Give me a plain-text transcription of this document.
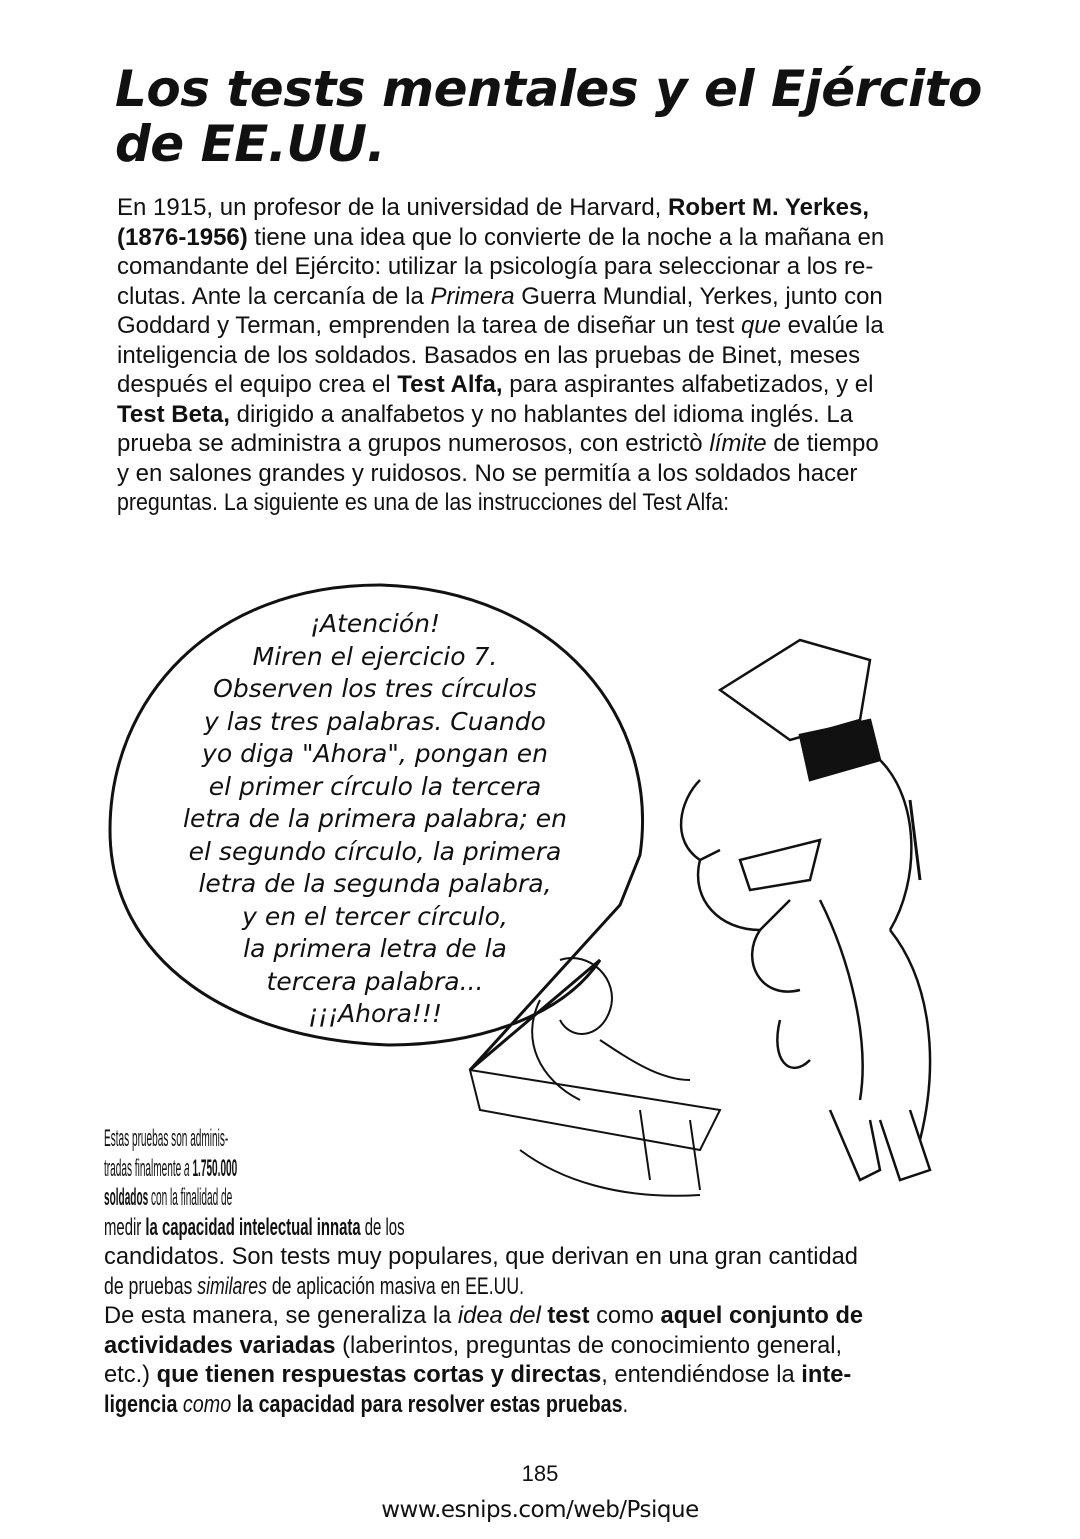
Los tests mentales y el Ejército
de EE.UU.
En 1915, un profesor de la universidad de Harvard, Robert M. Yerkes,
(1876-1956) tiene una idea que lo convierte de la noche a la mañana en
comandante del Ejército: utilizar la psicología para seleccionar a los re-
clutas. Ante la cercanía de la Primera Guerra Mundial, Yerkes, junto con
Goddard y Terman, emprenden la tarea de diseñar un test que evalúe la
inteligencia de los soldados. Basados en las pruebas de Binet, meses
después el equipo crea el Test Alfa, para aspirantes alfabetizados, y el
Test Beta, dirigido a analfabetos y no hablantes del idioma inglés. La
prueba se administra a grupos numerosos, con estrictò límite de tiempo
y en salones grandes y ruidosos. No se permitía a los soldados hacer
preguntas. La siguiente es una de las instrucciones del Test Alfa:
¡Atención!
Miren el ejercicio 7.
Observen los tres círculos
y las tres palabras. Cuando
yo diga "Ahora", pongan en
el primer círculo la tercera
letra de la primera palabra; en
el segundo círculo, la primera
letra de la segunda palabra,
y en el tercer círculo,
la primera letra de la
tercera palabra...
¡¡¡Ahora!!!
Estas pruebas son adminis-
tradas finalmente a 1.750.000
soldados con la finalidad de
medir la capacidad intelectual innata de los
candidatos. Son tests muy populares, que derivan en una gran cantidad
de pruebas similares de aplicación masiva en EE.UU.
De esta manera, se generaliza la idea del test como aquel conjunto de
actividades variadas (laberintos, preguntas de conocimiento general,
etc.) que tienen respuestas cortas y directas, entendiéndose la inte-
ligencia como la capacidad para resolver estas pruebas.
185
www.esnips.com/web/Psique
